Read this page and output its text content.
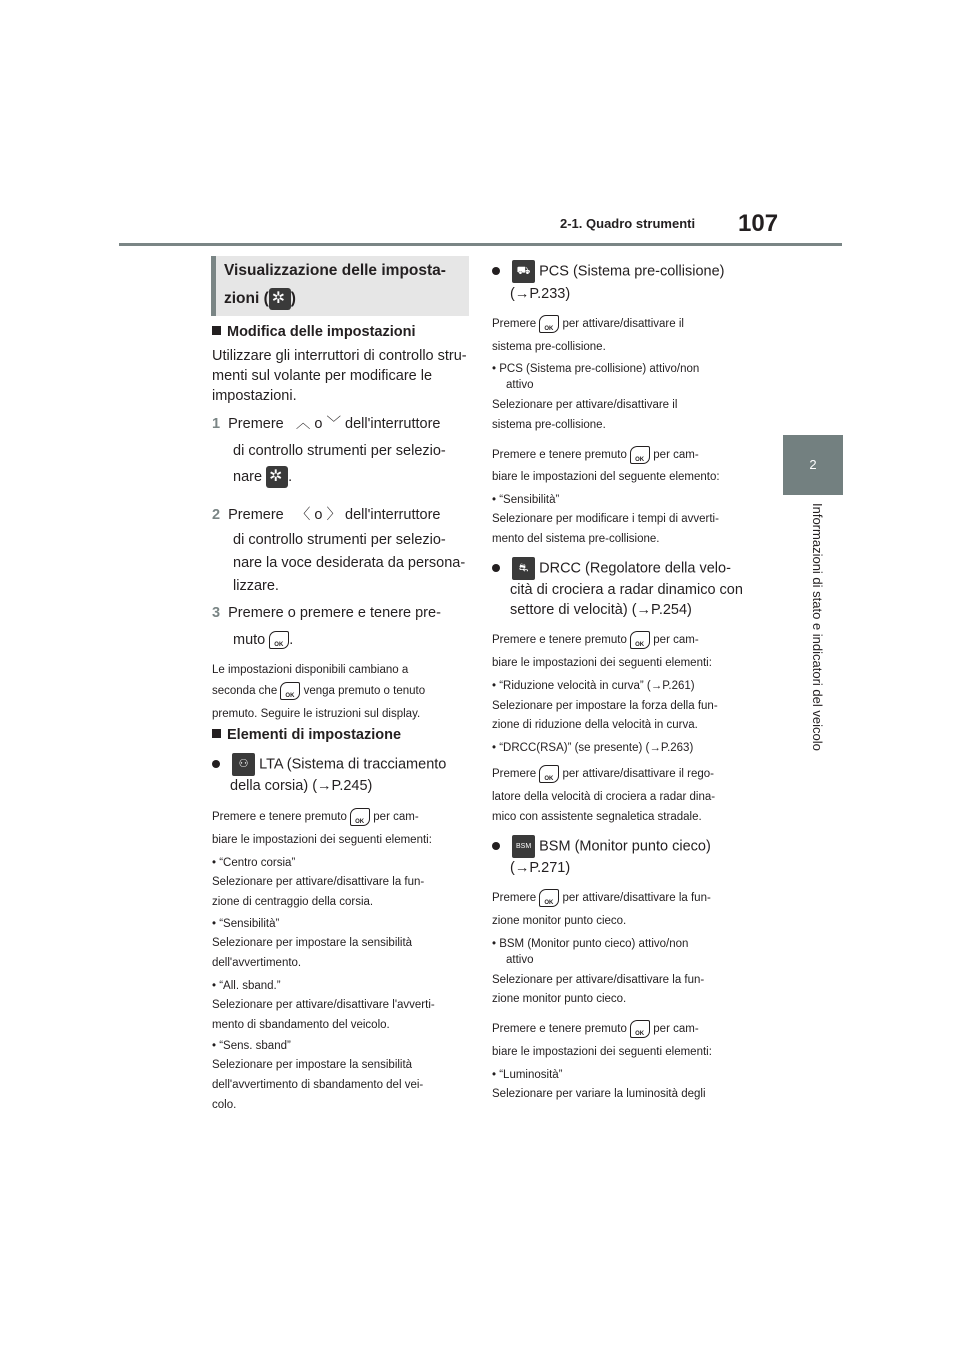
2-1. Quadro strumenti 107
2
Informazioni di stato e indicatori del veicolo
Visualizzazione delle imposta-
zioni ( ✲ )
Modifica delle impostazioni
Utilizzare gli interruttori di controllo stru-
menti sul volante per modificare le
impostazioni.
1 Premere ︿ o ﹀ dell'interruttore
di controllo strumenti per selezio-
nare ✲ .
2 Premere 〈 o 〉 dell'interruttore
di controllo strumenti per selezio-
nare la voce desiderata da persona-
lizzare.
3 Premere o premere e tenere pre-
muto OK .
Le impostazioni disponibili cambiano a
seconda che OK venga premuto o tenuto
premuto. Seguire le istruzioni sul display.
Elementi di impostazione
⚇ LTA (Sistema di tracciamento
della corsia) (→P.245)
Premere e tenere premuto OK per cam-
biare le impostazioni dei seguenti elementi:
• “Centro corsia”
Selezionare per attivare/disattivare la fun-
zione di centraggio della corsia.
• “Sensibilità”
Selezionare per impostare la sensibilità
dell'avvertimento.
• “All. sband.”
Selezionare per attivare/disattivare l'avverti-
mento di sbandamento del veicolo.
• “Sens. sband”
Selezionare per impostare la sensibilità
dell'avvertimento di sbandamento del vei-
colo.
⛟ PCS (Sistema pre-collisione)
(→P.233)
Premere OK per attivare/disattivare il
sistema pre-collisione.
• PCS (Sistema pre-collisione) attivo/non
attivo
Selezionare per attivare/disattivare il
sistema pre-collisione.
Premere e tenere premuto OK per cam-
biare le impostazioni del seguente elemento:
• “Sensibilità”
Selezionare per modificare i tempi di avverti-
mento del sistema pre-collisione.
⛐ DRCC (Regolatore della velo-
cità di crociera a radar dinamico con
settore di velocità) (→P.254)
Premere e tenere premuto OK per cam-
biare le impostazioni dei seguenti elementi:
• “Riduzione velocità in curva” (→P.261)
Selezionare per impostare la forza della fun-
zione di riduzione della velocità in curva.
• “DRCC(RSA)” (se presente) (→P.263)
Premere OK per attivare/disattivare il rego-
latore della velocità di crociera a radar dina-
mico con assistente segnaletica stradale.
BSM BSM (Monitor punto cieco)
(→P.271)
Premere OK per attivare/disattivare la fun-
zione monitor punto cieco.
• BSM (Monitor punto cieco) attivo/non
attivo
Selezionare per attivare/disattivare la fun-
zione monitor punto cieco.
Premere e tenere premuto OK per cam-
biare le impostazioni dei seguenti elementi:
• “Luminosità”
Selezionare per variare la luminosità degli
